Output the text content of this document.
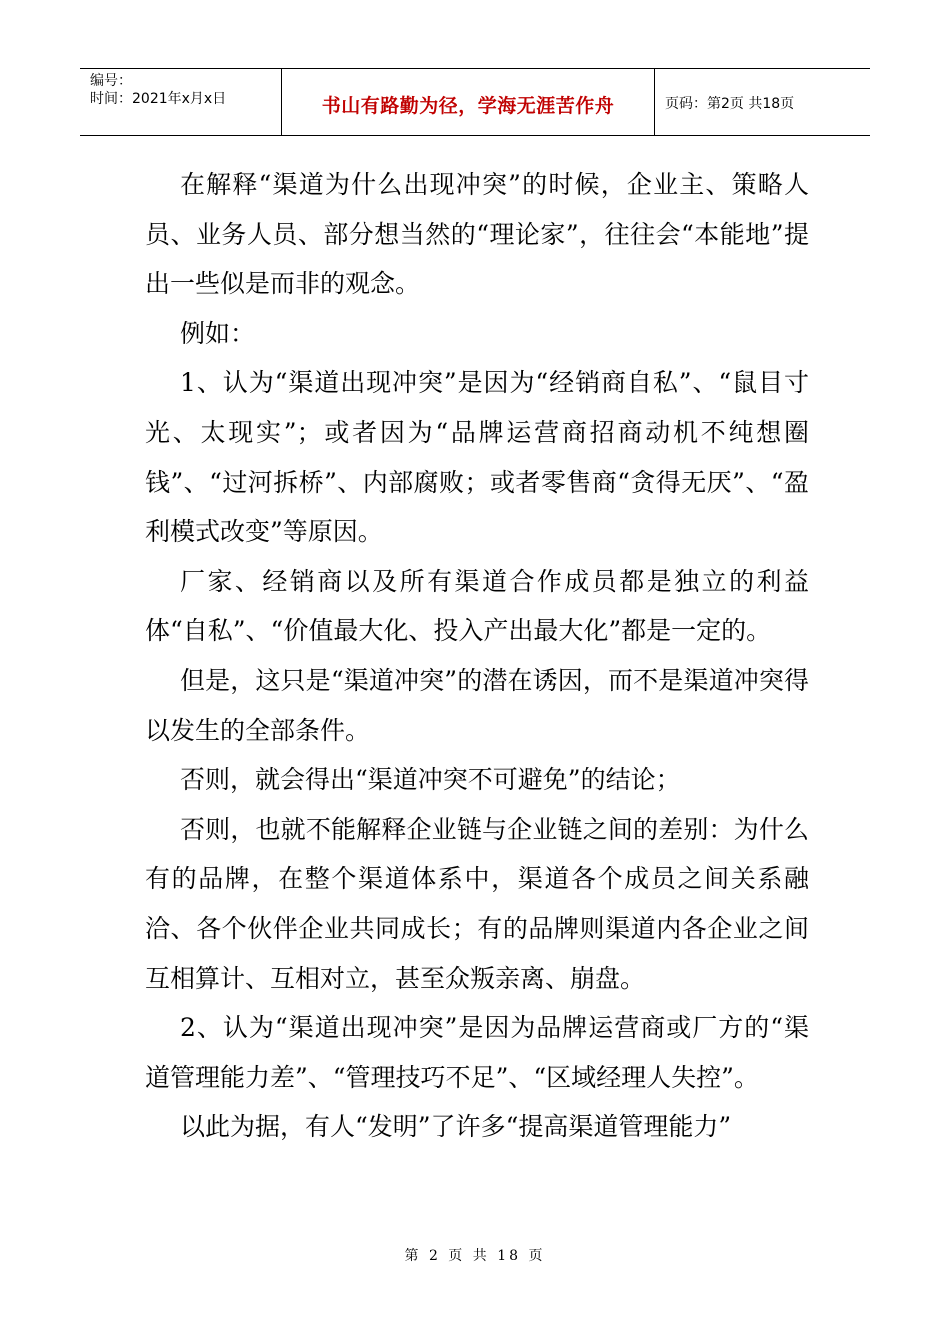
编号：
时间：2021年x月x日	书山有路勤为径，学海无涯苦作舟	页码：第2页 共18页

在解释“渠道为什么出现冲突”的时候，企业主、策略人员、业务人员、部分想当然的“理论家”，往往会“本能地”提出一些似是而非的观念。

例如：

1、认为“渠道出现冲突”是因为“经销商自私”、“鼠目寸光、太现实”；或者因为“品牌运营商招商动机不纯想圈钱”、“过河拆桥”、内部腐败；或者零售商“贪得无厌”、“盈利模式改变”等原因。

厂家、经销商以及所有渠道合作成员都是独立的利益体“自私”、“价值最大化、投入产出最大化”都是一定的。

但是，这只是“渠道冲突”的潜在诱因，而不是渠道冲突得以发生的全部条件。

否则，就会得出“渠道冲突不可避免”的结论；

否则，也就不能解释企业链与企业链之间的差别：为什么有的品牌，在整个渠道体系中，渠道各个成员之间关系融洽、各个伙伴企业共同成长；有的品牌则渠道内各企业之间互相算计、互相对立，甚至众叛亲离、崩盘。

2、认为“渠道出现冲突”是因为品牌运营商或厂方的“渠道管理能力差”、“管理技巧不足”、“区域经理人失控”。

以此为据，有人“发明”了许多“提高渠道管理能力”

第 2 页 共 18 页
